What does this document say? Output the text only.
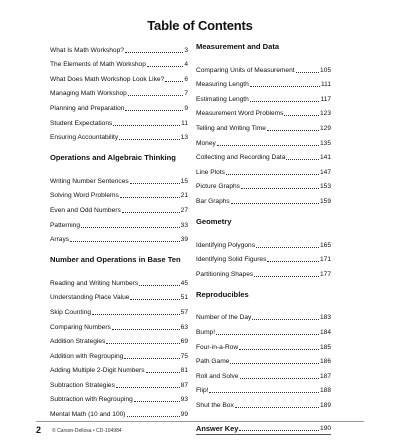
Table of Contents
What Is Math Workshop?	3
The Elements of Math Workshop	4
What Does Math Workshop Look Like?	6
Managing Math Workshop	7
Planning and Preparation	9
Student Expectations	11
Ensuring Accountability	13
Operations and Algebraic Thinking
Writing Number Sentences	15
Solving Word Problems	21
Even and Odd Numbers	27
Patterning	33
Arrays	39
Number and Operations in Base Ten
Reading and Writing Numbers	45
Understanding Place Value	51
Skip Counting	57
Comparing Numbers	63
Addition Strategies	69
Addition with Regrouping	75
Adding Multiple 2-Digit Numbers	81
Subtraction Strategies	87
Subtraction with Regrouping	93
Mental Math (10 and 100)	99
Measurement and Data
Comparing Units of Measurement	105
Measuring Length	111
Estimating Length	117
Measurement Word Problems	123
Telling and Writing Time	129
Money	135
Collecting and Recording Data	141
Line Plots	147
Picture Graphs	153
Bar Graphs	159
Geometry
Identifying Polygons	165
Identifying Solid Figures	171
Partitioning Shapes	177
Reproducibles
Number of the Day	183
Bump!	184
Four-in-a-Row	185
Path Game	186
Roll and Solve	187
Flip!	188
Shut the Box	189
Answer Key	190
2 © Carson-Dellosa • CD-104984
